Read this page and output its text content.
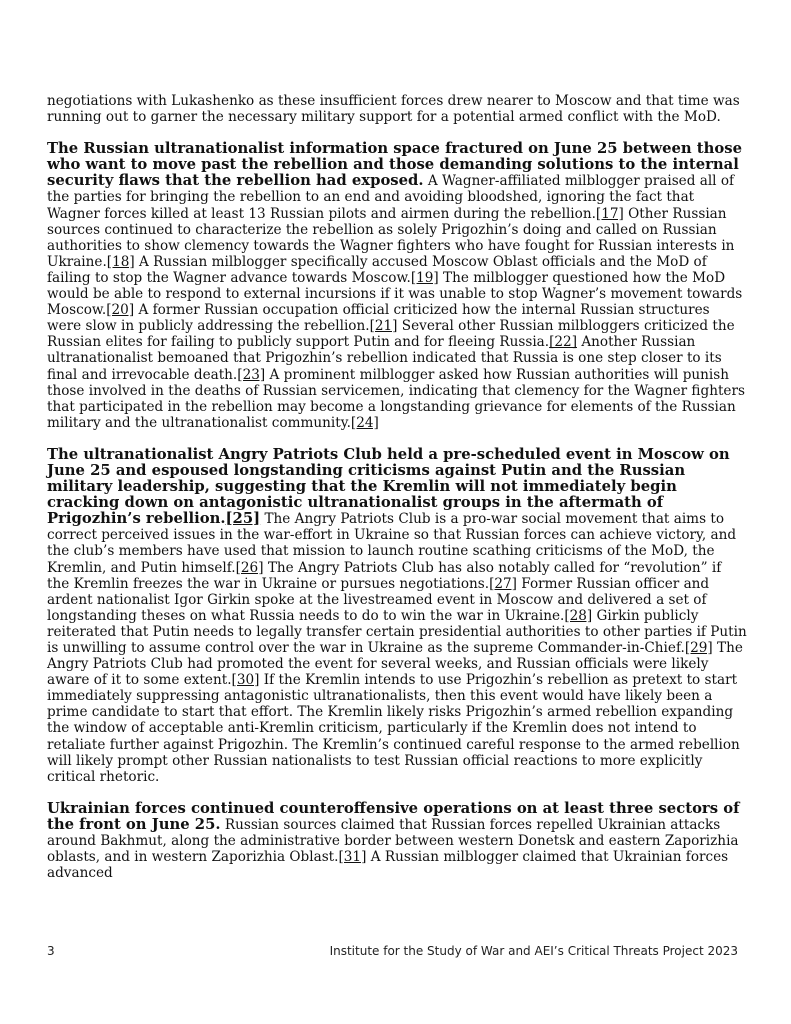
negotiations with Lukashenko as these insufficient forces drew nearer to Moscow and that time was running out to garner the necessary military support for a potential armed conflict with the MoD.

The Russian ultranationalist information space fractured on June 25 between those who want to move past the rebellion and those demanding solutions to the internal security flaws that the rebellion had exposed. A Wagner-affiliated milblogger praised all of the parties for bringing the rebellion to an end and avoiding bloodshed, ignoring the fact that Wagner forces killed at least 13 Russian pilots and airmen during the rebellion.[17] Other Russian sources continued to characterize the rebellion as solely Prigozhin’s doing and called on Russian authorities to show clemency towards the Wagner fighters who have fought for Russian interests in Ukraine.[18] A Russian milblogger specifically accused Moscow Oblast officials and the MoD of failing to stop the Wagner advance towards Moscow.[19] The milblogger questioned how the MoD would be able to respond to external incursions if it was unable to stop Wagner’s movement towards Moscow.[20] A former Russian occupation official criticized how the internal Russian structures were slow in publicly addressing the rebellion.[21] Several other Russian milbloggers criticized the Russian elites for failing to publicly support Putin and for fleeing Russia.[22] Another Russian ultranationalist bemoaned that Prigozhin’s rebellion indicated that Russia is one step closer to its final and irrevocable death.[23] A prominent milblogger asked how Russian authorities will punish those involved in the deaths of Russian servicemen, indicating that clemency for the Wagner fighters that participated in the rebellion may become a longstanding grievance for elements of the Russian military and the ultranationalist community.[24]

The ultranationalist Angry Patriots Club held a pre-scheduled event in Moscow on June 25 and espoused longstanding criticisms against Putin and the Russian military leadership, suggesting that the Kremlin will not immediately begin cracking down on antagonistic ultranationalist groups in the aftermath of Prigozhin’s rebellion.[25] The Angry Patriots Club is a pro-war social movement that aims to correct perceived issues in the war-effort in Ukraine so that Russian forces can achieve victory, and the club’s members have used that mission to launch routine scathing criticisms of the MoD, the Kremlin, and Putin himself.[26] The Angry Patriots Club has also notably called for “revolution” if the Kremlin freezes the war in Ukraine or pursues negotiations.[27] Former Russian officer and ardent nationalist Igor Girkin spoke at the livestreamed event in Moscow and delivered a set of longstanding theses on what Russia needs to do to win the war in Ukraine.[28] Girkin publicly reiterated that Putin needs to legally transfer certain presidential authorities to other parties if Putin is unwilling to assume control over the war in Ukraine as the supreme Commander-in-Chief.[29] The Angry Patriots Club had promoted the event for several weeks, and Russian officials were likely aware of it to some extent.[30] If the Kremlin intends to use Prigozhin’s rebellion as pretext to start immediately suppressing antagonistic ultranationalists, then this event would have likely been a prime candidate to start that effort. The Kremlin likely risks Prigozhin’s armed rebellion expanding the window of acceptable anti-Kremlin criticism, particularly if the Kremlin does not intend to retaliate further against Prigozhin. The Kremlin’s continued careful response to the armed rebellion will likely prompt other Russian nationalists to test Russian official reactions to more explicitly critical rhetoric.

Ukrainian forces continued counteroffensive operations on at least three sectors of the front on June 25. Russian sources claimed that Russian forces repelled Ukrainian attacks around Bakhmut, along the administrative border between western Donetsk and eastern Zaporizhia oblasts, and in western Zaporizhia Oblast.[31] A Russian milblogger claimed that Ukrainian forces advanced

3	Institute for the Study of War and AEI’s Critical Threats Project 2023
